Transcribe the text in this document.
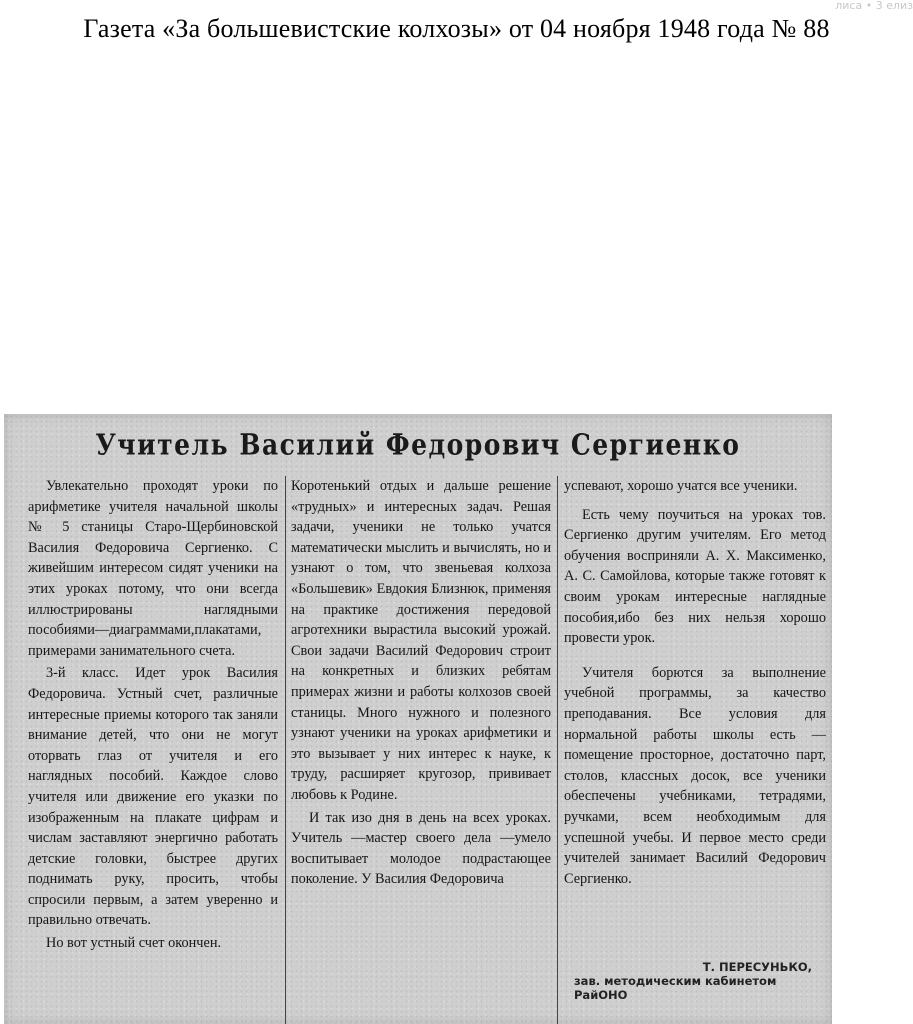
Газета «За большевистские колхозы» от 04 ноября 1948 года № 88
лиса • 3 елиз
Учитель Василий Федорович Сергиенко

Увлекательно проходят уроки по арифметике учителя начальной школы № 5 станицы Старо-Щербиновской Василия Федоровича Сергиенко. С живейшим интересом сидят ученики на этих уроках потому, что они всегда иллюстрированы наглядными пособиями—диаграммами,плакатами, примерами занимательного счета.

3-й класс. Идет урок Василия Федоровича. Устный счет, различные интересные приемы которого так заняли внимание детей, что они не могут оторвать глаз от учителя и его наглядных пособий. Каждое слово учителя или движение его указки по изображенным на плакате цифрам и числам заставляют энергично работать детские головки, быстрее других поднимать руку, просить, чтобы спросили первым, а затем уверенно и правильно отвечать.

Но вот устный счет окончен.

Коротенький отдых и дальше решение «трудных» и интересных задач. Решая задачи, ученики не только учатся математически мыслить и вычислять, но и узнают о том, что звеньевая колхоза «Большевик» Евдокия Близнюк, применяя на практике достижения передовой агротехники вырастила высокий урожай. Свои задачи Василий Федорович строит на конкретных и близких ребятам примерах жизни и работы колхозов своей станицы. Много нужного и полезного узнают ученики на уроках арифметики и это вызывает у них интерес к науке, к труду, расширяет кругозор, прививает любовь к Родине.

И так изо дня в день на всех уроках. Учитель —мастер своего дела —умело воспитывает молодое подрастающее поколение. У Василия Федоровича

успевают, хорошо учатся все ученики.

Есть чему поучиться на уроках тов. Сергиенко другим учителям. Его метод обучения восприняли А. Х. Максименко, А. С. Самойлова, которые также готовят к своим урокам интересные наглядные пособия,ибо без них нельзя хорошо провести урок.

Учителя борются за выполнение учебной программы, за качество преподавания. Все условия для нормальной работы школы есть —помещение просторное, достаточно парт, столов, классных досок, все ученики обеспечены учебниками, тетрадями, ручками, всем необходимым для успешной учебы. И первое место среди учителей занимает Василий Федорович Сергиенко.

Т. ПЕРЕСУНЬКО,
зав. методическим кабинетом РайОНО
